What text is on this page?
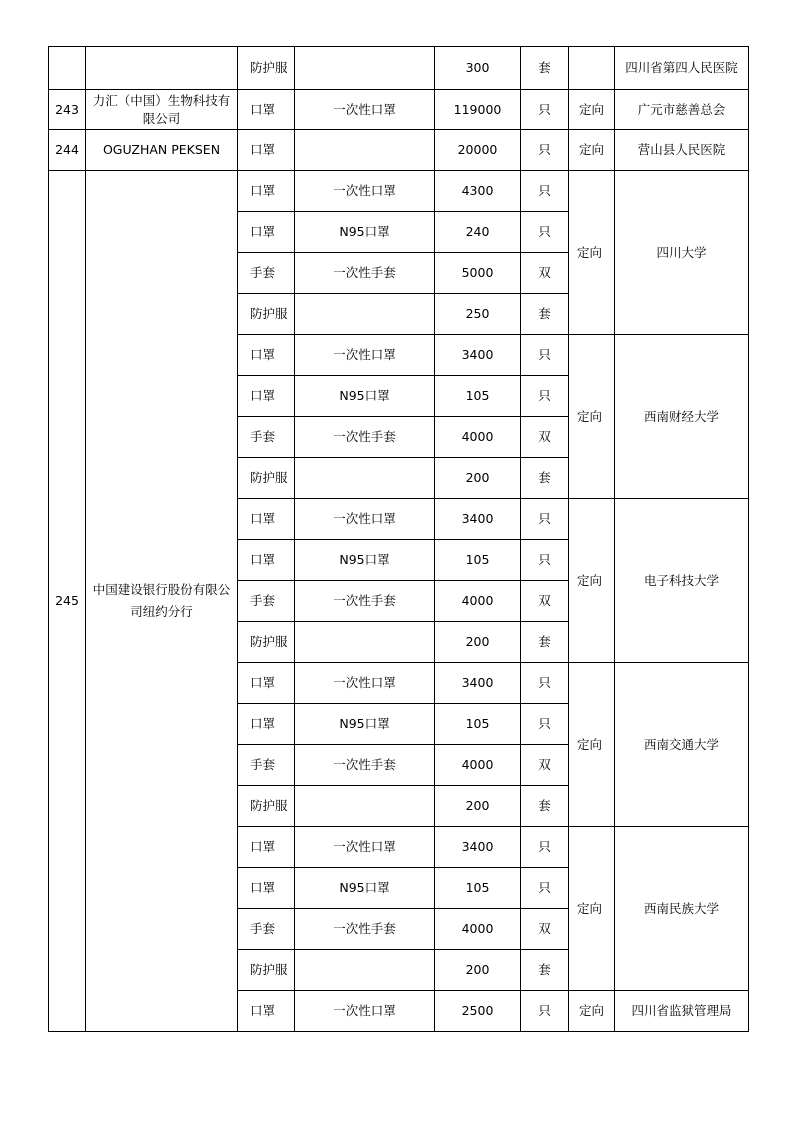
		防护服		300	套		四川省第四人民医院
243	力汇（中国）生物科技有限公司	口罩	一次性口罩	119000	只	定向	广元市慈善总会
244	OGUZHAN PEKSEN	口罩		20000	只	定向	营山县人民医院
245	中国建设银行股份有限公司纽约分行	口罩	一次性口罩	4300	只	定向	四川大学
		口罩	N95口罩	240	只		
		手套	一次性手套	5000	双		
		防护服		250	套		
		口罩	一次性口罩	3400	只	定向	西南财经大学
		口罩	N95口罩	105	只		
		手套	一次性手套	4000	双		
		防护服		200	套		
		口罩	一次性口罩	3400	只	定向	电子科技大学
		口罩	N95口罩	105	只		
		手套	一次性手套	4000	双		
		防护服		200	套		
		口罩	一次性口罩	3400	只	定向	西南交通大学
		口罩	N95口罩	105	只		
		手套	一次性手套	4000	双		
		防护服		200	套		
		口罩	一次性口罩	3400	只	定向	西南民族大学
		口罩	N95口罩	105	只		
		手套	一次性手套	4000	双		
		防护服		200	套		
		口罩	一次性口罩	2500	只	定向	四川省监狱管理局
